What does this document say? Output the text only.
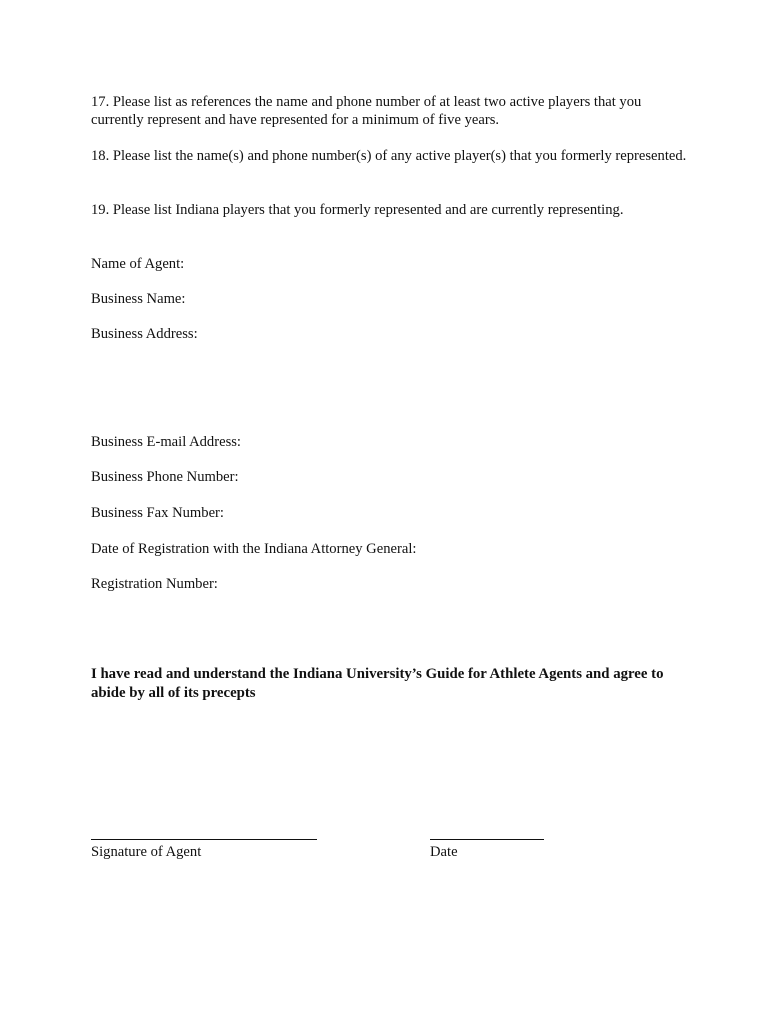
17. Please list as references the name and phone number of at least two active players that you currently represent and have represented for a minimum of five years.

18. Please list the name(s) and phone number(s) of any active player(s) that you formerly represented.

19. Please list Indiana players that you formerly represented and are currently representing.

Name of Agent:

Business Name:

Business Address:

Business E-mail Address:

Business Phone Number:

Business Fax Number:

Date of Registration with the Indiana Attorney General:

Registration Number:

I have read and understand the Indiana University’s Guide for Athlete Agents and agree to abide by all of its precepts

Signature of Agent	Date
